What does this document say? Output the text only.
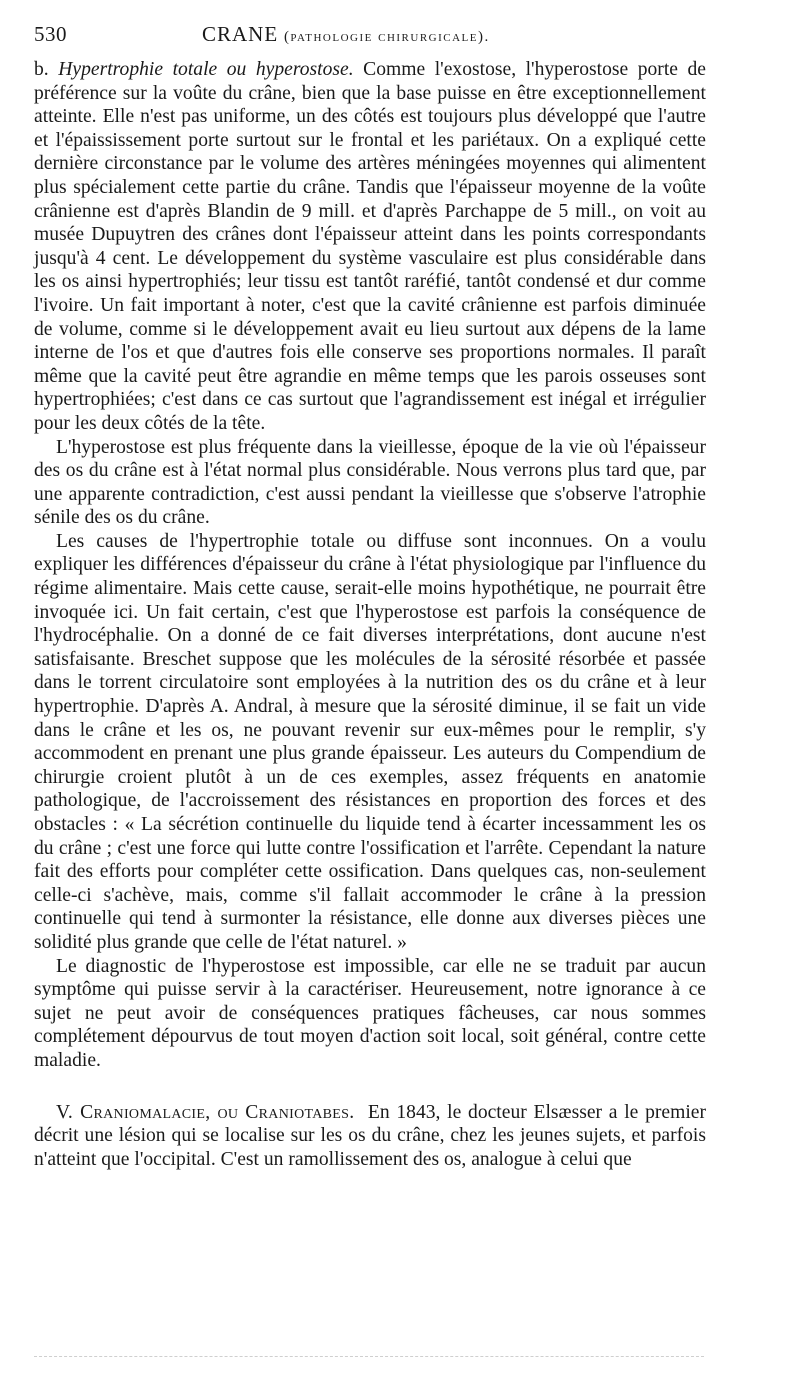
530	CRANE
(pathologie chirurgicale).

b. Hypertrophie totale ou hyperostose. Comme l'exostose, l'hyperostose porte de préférence sur la voûte du crâne, bien que la base puisse en être exceptionnellement atteinte. Elle n'est pas uniforme, un des côtés est toujours plus développé que l'autre et l'épaississement porte surtout sur le frontal et les pariétaux. On a expliqué cette dernière circonstance par le volume des artères méningées moyennes qui alimentent plus spécialement cette partie du crâne. Tandis que l'épaisseur moyenne de la voûte crânienne est d'après Blandin de 9 mill. et d'après Parchappe de 5 mill., on voit au musée Dupuytren des crânes dont l'épaisseur atteint dans les points correspondants jusqu'à 4 cent. Le développement du système vasculaire est plus considérable dans les os ainsi hypertrophiés; leur tissu est tantôt raréfié, tantôt condensé et dur comme l'ivoire. Un fait important à noter, c'est que la cavité crânienne est parfois diminuée de volume, comme si le développement avait eu lieu surtout aux dépens de la lame interne de l'os et que d'autres fois elle conserve ses proportions normales. Il paraît même que la cavité peut être agrandie en même temps que les parois osseuses sont hypertrophiées; c'est dans ce cas surtout que l'agrandissement est inégal et irrégulier pour les deux côtés de la tête.

L'hyperostose est plus fréquente dans la vieillesse, époque de la vie où l'épaisseur des os du crâne est à l'état normal plus considérable. Nous verrons plus tard que, par une apparente contradiction, c'est aussi pendant la vieillesse que s'observe l'atrophie sénile des os du crâne.

Les causes de l'hypertrophie totale ou diffuse sont inconnues. On a voulu expliquer les différences d'épaisseur du crâne à l'état physiologique par l'influence du régime alimentaire. Mais cette cause, serait-elle moins hypothétique, ne pourrait être invoquée ici. Un fait certain, c'est que l'hyperostose est parfois la conséquence de l'hydrocéphalie. On a donné de ce fait diverses interprétations, dont aucune n'est satisfaisante. Breschet suppose que les molécules de la sérosité résorbée et passée dans le torrent circulatoire sont employées à la nutrition des os du crâne et à leur hypertrophie. D'après A. Andral, à mesure que la sérosité diminue, il se fait un vide dans le crâne et les os, ne pouvant revenir sur eux-mêmes pour le remplir, s'y accommodent en prenant une plus grande épaisseur. Les auteurs du Compendium de chirurgie croient plutôt à un de ces exemples, assez fréquents en anatomie pathologique, de l'accroissement des résistances en proportion des forces et des obstacles : « La sécrétion continuelle du liquide tend à écarter incessamment les os du crâne ; c'est une force qui lutte contre l'ossification et l'arrête. Cependant la nature fait des efforts pour compléter cette ossification. Dans quelques cas, non-seulement celle-ci s'achève, mais, comme s'il fallait accommoder le crâne à la pression continuelle qui tend à surmonter la résistance, elle donne aux diverses pièces une solidité plus grande que celle de l'état naturel. »

Le diagnostic de l'hyperostose est impossible, car elle ne se traduit par aucun symptôme qui puisse servir à la caractériser. Heureusement, notre ignorance à ce sujet ne peut avoir de conséquences pratiques fâcheuses, car nous sommes complétement dépourvus de tout moyen d'action soit local, soit général, contre cette maladie.

V. Craniomalacie, ou Craniotabes. En 1843, le docteur Elsæsser a le premier décrit une lésion qui se localise sur les os du crâne, chez les jeunes sujets, et parfois n'atteint que l'occipital. C'est un ramollissement des os, analogue à celui que
